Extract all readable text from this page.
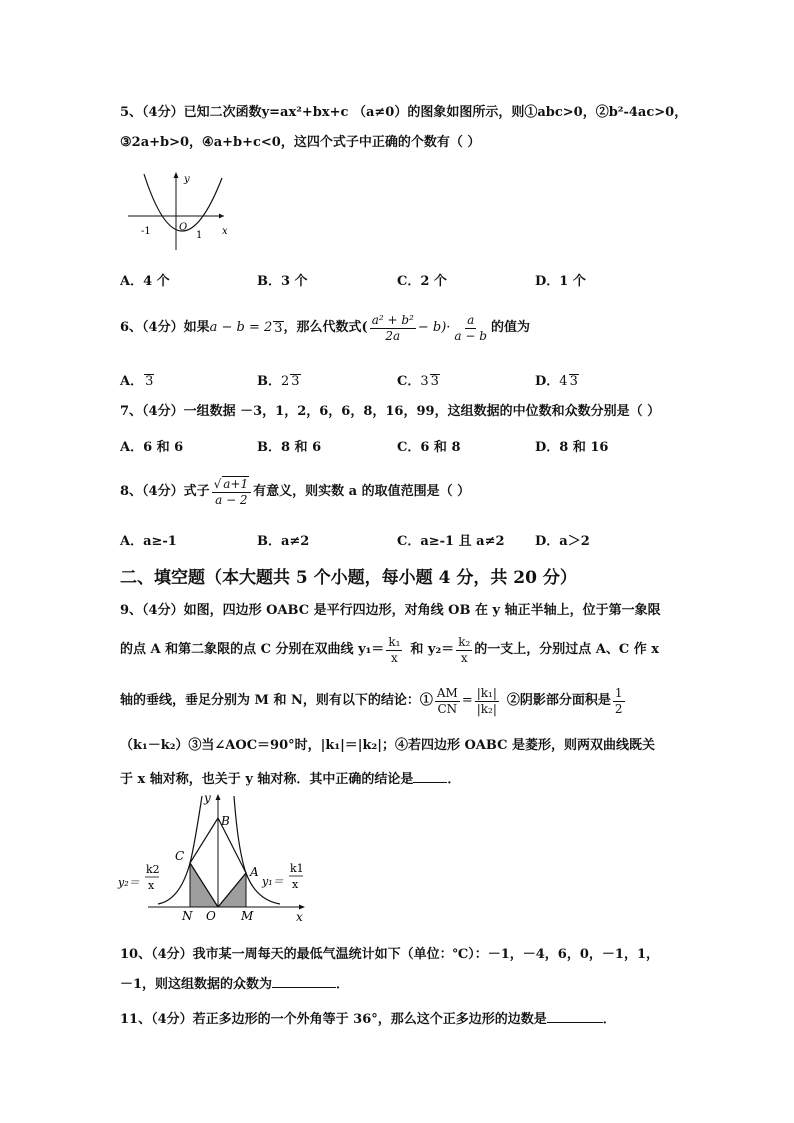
5、（4分）已知二次函数y=ax²+bx+c （a≠0）的图象如图所示，则①abc>0，②b²-4ac>0，
③2a+b>0，④a+b+c<0，这四个式子中正确的个数有（ ）
y
x
O
-1	1
A．4 个	B．3 个	C．2 个	D．1 个
6、（4分）如果 a − b = 2 3 ，那么代数式( $\frac{\text{a² + b²}}{2a} - b)\cdot \frac{a}{a - b}$ 的值为
A． 3	B．2 3	C．3 3	D．4 3
7、（4分）一组数据 －3，1，2，6，6，8，16，99，这组数据的中位数和众数分别是（ ）
A．6 和 6	B．8 和 6	C．6 和 8	D．8 和 16
8、（4分）式子 $\frac{√ a+1}{a - 2}$ 有意义，则实数 a 的取值范围是（ ）
A．a≥-1	B．a≠2	C．a≥-1 且 a≠2 D．a＞2
二、填空题（本大题共 5 个小题，每小题 4 分，共 20 分）
9、（4分）如图，四边形 OABC 是平行四边形，对角线 OB 在 y 轴正半轴上，位于第一象限
的点 A 和第二象限的点 C 分别在双曲线 $y_1= \frac{\text{k₁}}{x}$ 和 $y_2= \frac{\text{k₂}}{x}$ 的一支上，分别过点 A、C 作 x
轴的垂线，垂足分别为 M 和 N，则有以下的结论：① $\frac{AM}{CN} = \frac{\text{|k₁|}}{\text{|k₂|}}$ ②阴影部分面积是 $\frac{1}{2}$
（k₁－k₂）③当∠AOC＝90°时，|k₁|＝|k₂|；④若四边形 OABC 是菱形，则两双曲线既关
于 x 轴对称，也关于 y 轴对称．其中正确的结论是	．
y
x
B
C
A
N O M
y₂＝
k2
x	y₁＝
k1
x
10、（4分）我市某一周每天的最低气温统计如下（单位：℃）：－1，－4，6，0，－1，1，
－1，则这组数据的众数为	．
11、（4分）若正多边形的一个外角等于 36°，那么这个正多边形的边数是	．
